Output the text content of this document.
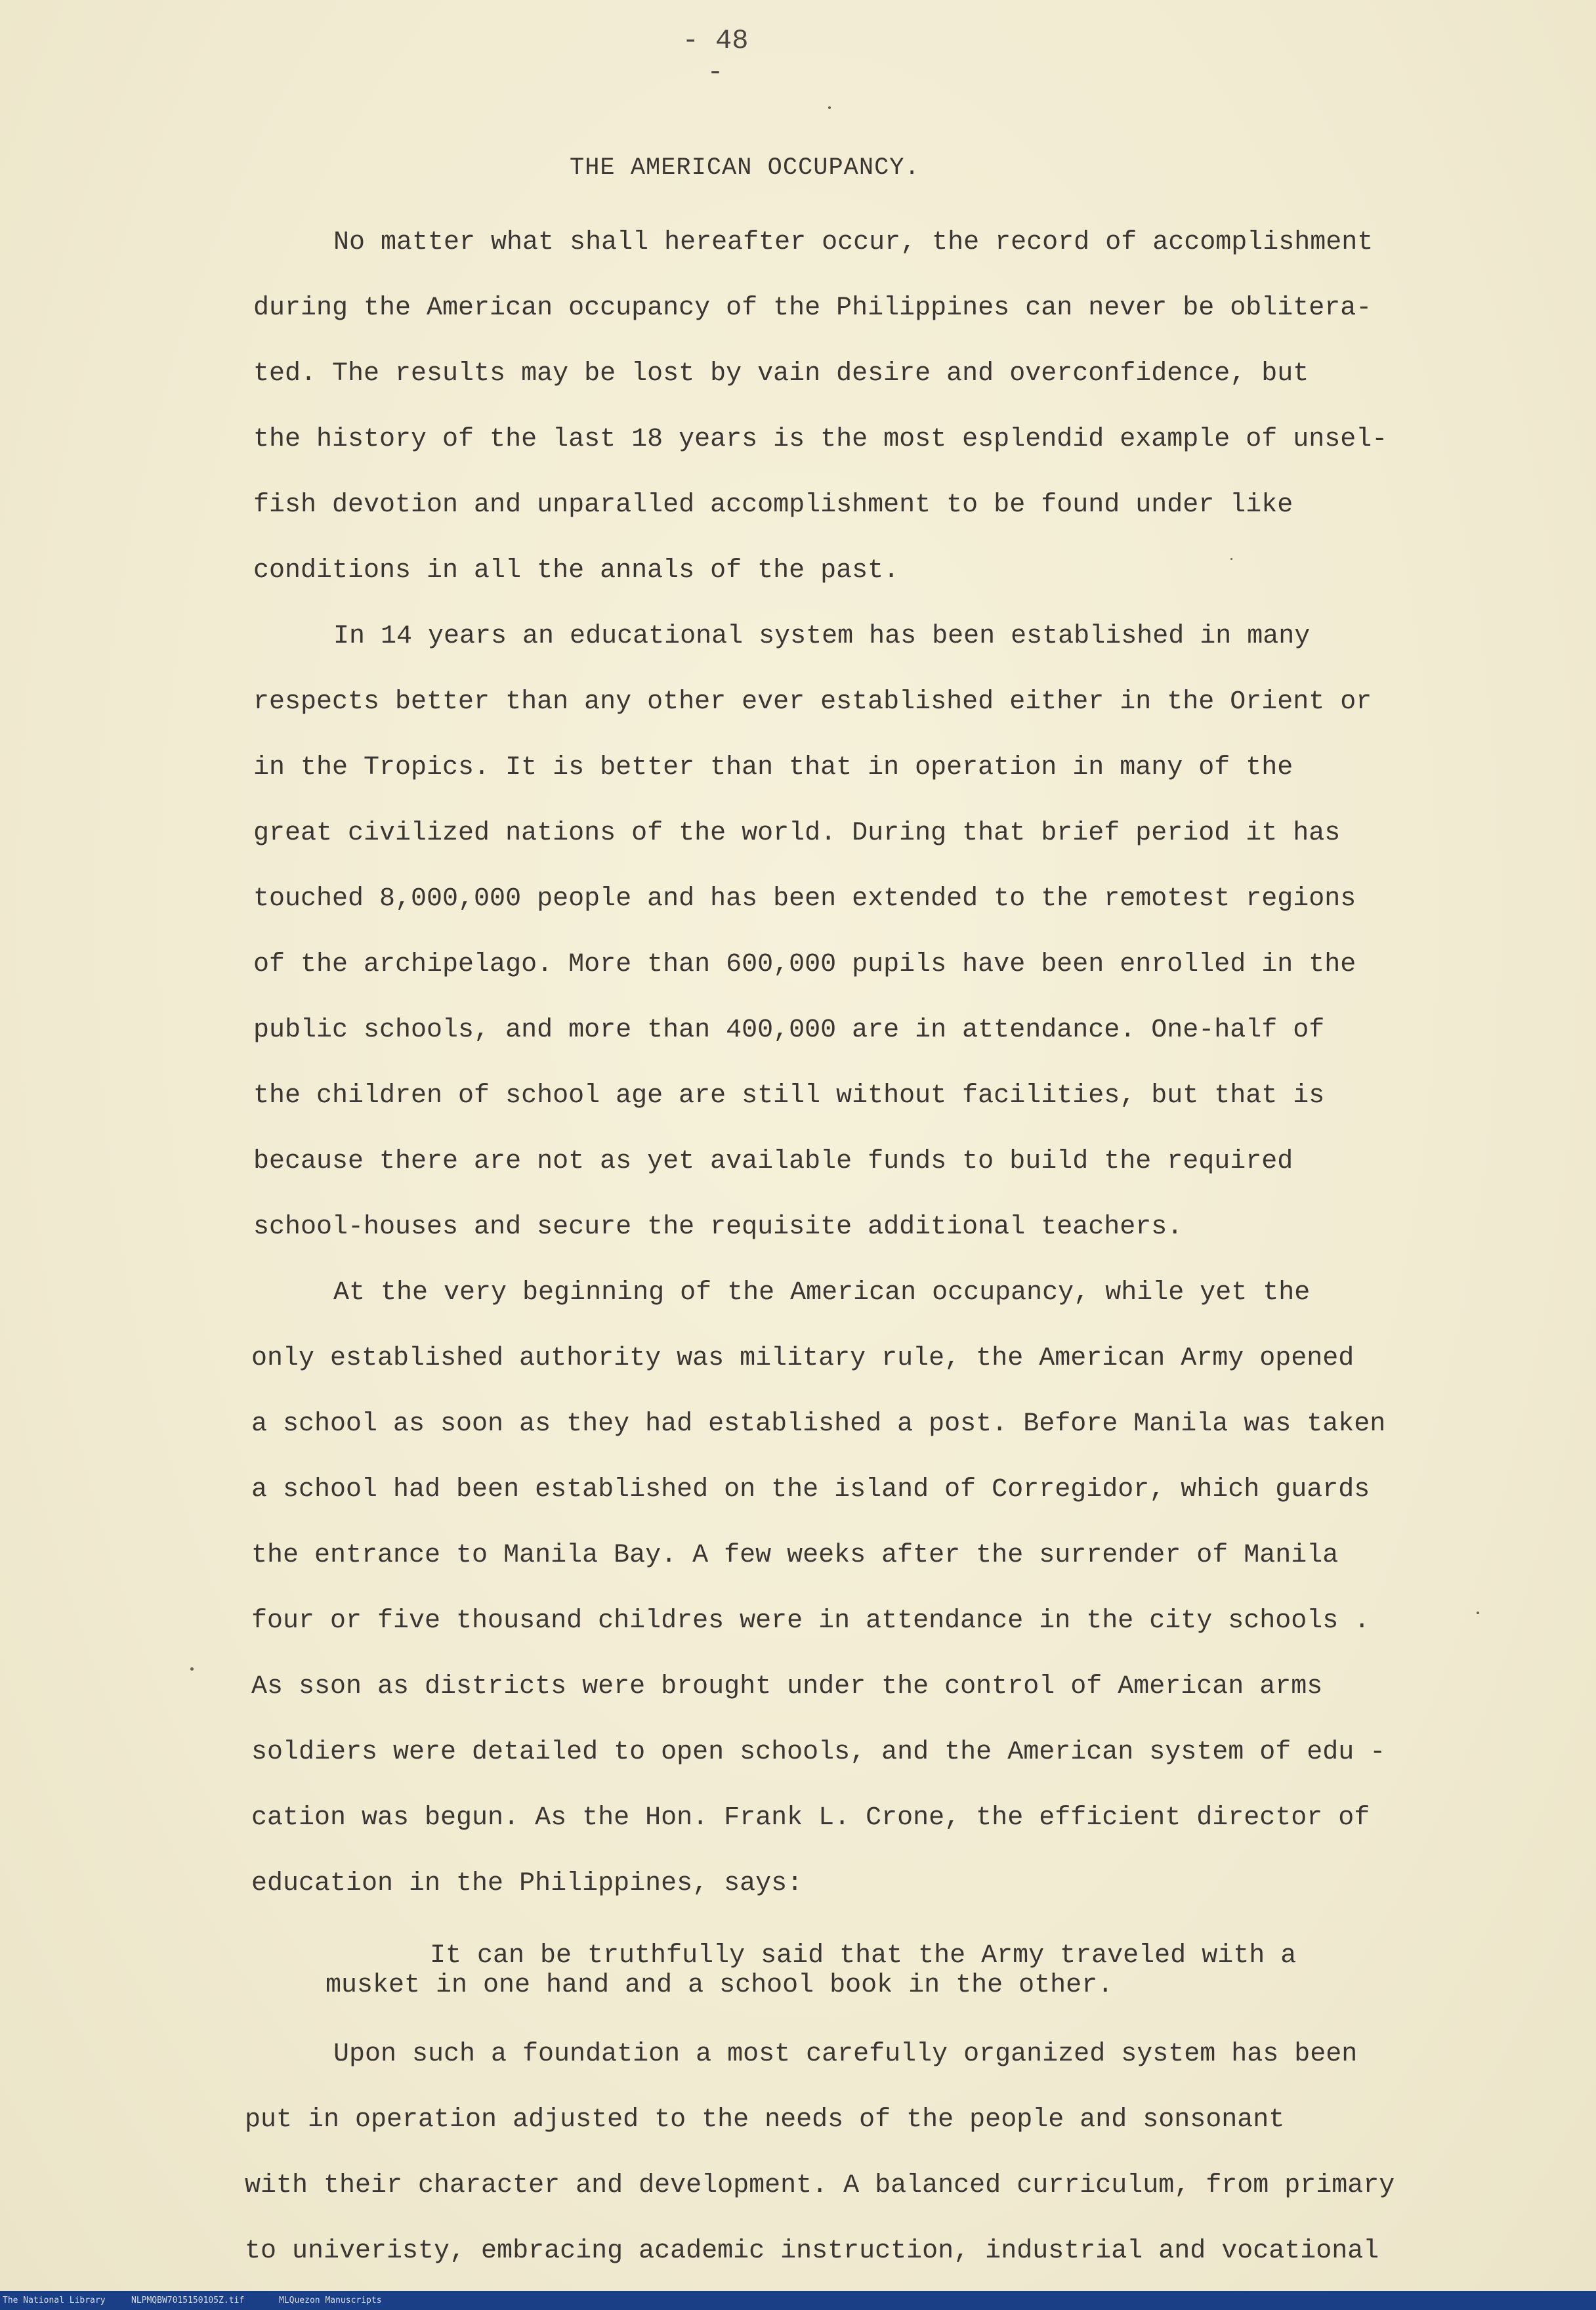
- 48 -
THE AMERICAN OCCUPANCY.
No matter what shall hereafter occur, the record of accomplishment
during the American occupancy of the Philippines can never be oblitera-
ted. The results may be lost by vain desire and overconfidence, but
the history of the last 18 years is the most esplendid example of unsel-
fish devotion and unparalled accomplishment to be found under like
conditions in all the annals of the past.
In 14 years an educational system has been established in many
respects better than any other ever established either in the Orient or
in the Tropics. It is better than that in operation in many of the
great civilized nations of the world. During that brief period it has
touched 8,000,000 people and has been extended to the remotest regions
of the archipelago. More than 600,000 pupils have been enrolled in the
public schools, and more than 400,000 are in attendance. One-half of
the children of school age are still without facilities, but that is
because there are not as yet available funds to build the required
school-houses and secure the requisite additional teachers.
At the very beginning of the American occupancy, while yet the
only established authority was military rule, the American Army opened
a school as soon as they had established a post. Before Manila was taken
a school had been established on the island of Corregidor, which guards
the entrance to Manila Bay. A few weeks after the surrender of Manila
four or five thousand childres were in attendance in the city schools .
As sson as districts were brought under the control of American arms
soldiers were detailed to open schools, and the American system of edu -
cation was begun. As the Hon. Frank L. Crone, the efficient director of
education in the Philippines, says:
It can be truthfully said that the Army traveled with a
musket in one hand and a school book in the other.
Upon such a foundation a most carefully organized system has been
put in operation adjusted to the needs of the people and sonsonant
with their character and development. A balanced curriculum, from primary
to univeristy, embracing academic instruction, industrial and vocational
The National Library	NLPMQBW7015150105Z.tif	MLQuezon Manuscripts
